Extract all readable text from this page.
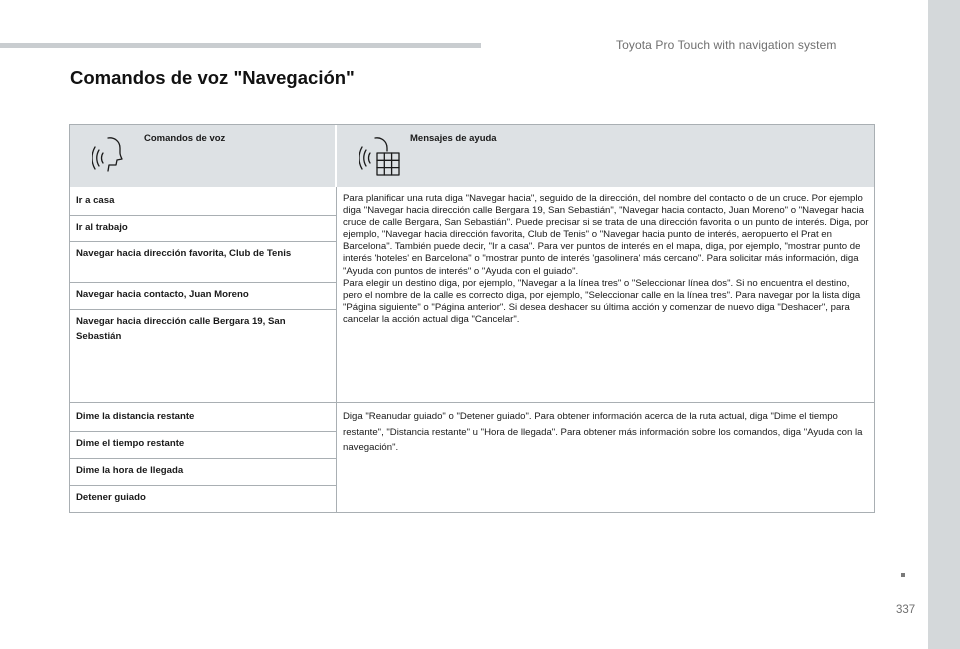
Toyota Pro Touch with navigation system
Comandos de voz "Navegación"
Comandos de voz	Mensajes de ayuda
Ir a casa
Ir al trabajo
Navegar hacia dirección favorita, Club de Tenis
Navegar hacia contacto, Juan Moreno
Navegar hacia dirección calle Bergara 19, San Sebastián

Para planificar una ruta diga "Navegar hacia", seguido de la dirección, del nombre del contacto o de un cruce. Por ejemplo diga "Navegar hacia dirección calle Bergara 19, San Sebastián", "Navegar hacia contacto, Juan Moreno" o "Navegar hacia cruce de calle Bergara, San Sebastián". Puede precisar si se trata de una dirección favorita o un punto de interés. Diga, por ejemplo, "Navegar hacia dirección favorita, Club de Tenis" o "Navegar hacia punto de interés, aeropuerto el Prat en Barcelona". También puede decir, "Ir a casa". Para ver puntos de interés en el mapa, diga, por ejemplo, "mostrar punto de interés 'hoteles' en Barcelona" o "mostrar punto de interés 'gasolinera' más cercano". Para solicitar más información, diga "Ayuda con puntos de interés" o "Ayuda con el guiado".

Para elegir un destino diga, por ejemplo, "Navegar a la línea tres" o "Seleccionar línea dos". Si no encuentra el destino, pero el nombre de la calle es correcto diga, por ejemplo, "Seleccionar calle en la línea tres". Para navegar por la lista diga "Página siguiente" o "Página anterior". Si desea deshacer su última acción y comenzar de nuevo diga "Deshacer", para cancelar la acción actual diga "Cancelar".

Dime la distancia restante
Dime el tiempo restante
Dime la hora de llegada
Detener guiado
Diga "Reanudar guiado" o "Detener guiado". Para obtener información acerca de la ruta actual, diga "Dime el tiempo restante", "Distancia restante" u "Hora de llegada". Para obtener más información sobre los comandos, diga "Ayuda con la navegación".
337
